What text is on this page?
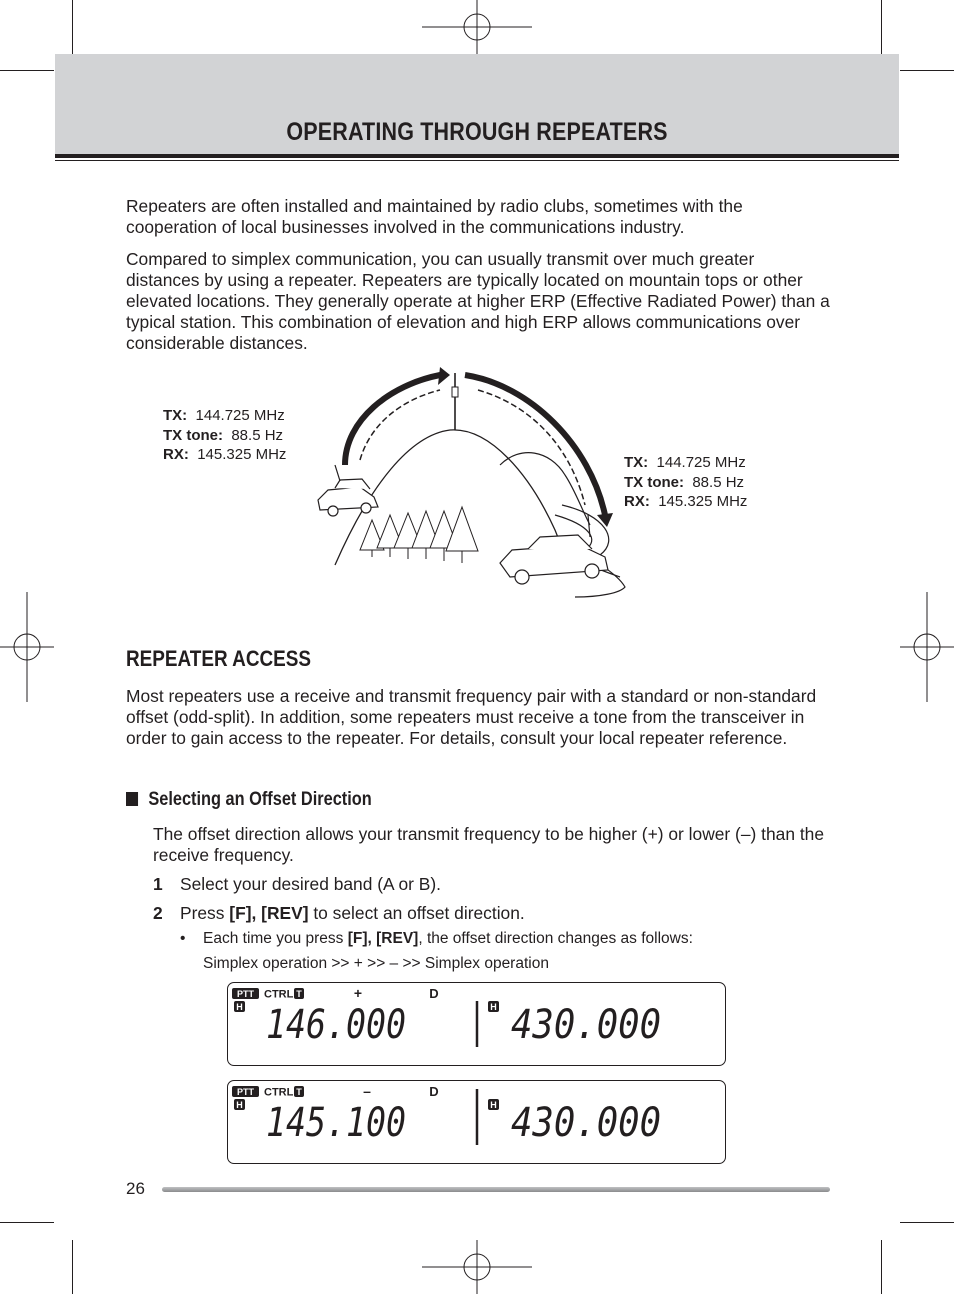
OPERATING THROUGH REPEATERS

Repeaters are often installed and maintained by radio clubs, sometimes with the cooperation of local businesses involved in the communications industry.

Compared to simplex communication, you can usually transmit over much greater distances by using a repeater. Repeaters are typically located on mountain tops or other elevated locations. They generally operate at higher ERP (Effective Radiated Power) than a typical station. This combination of elevation and high ERP allows communications over considerable distances.

TX: 144.725 MHz
TX tone: 88.5 Hz
RX: 145.325 MHz	TX: 144.725 MHz
TX tone: 88.5 Hz
RX: 145.325 MHz
REPEATER ACCESS

Most repeaters use a receive and transmit frequency pair with a standard or non-standard offset (odd-split). In addition, some repeaters must receive a tone from the transceiver in order to gain access to the repeater. For details, consult your local repeater reference.

Selecting an Offset Direction

The offset direction allows your transmit frequency to be higher (+) or lower (–) than the receive frequency.

1 Select your desired band (A or B).
2 Press [F], [REV] to select an offset direction.
• Each time you press [F], [REV], the offset direction changes as follows:
Simplex operation >> + >> – >> Simplex operation
PTT CTRL T
H
+	D
146.000	H 430.000
PTT CTRL T
H
–	D
145.100	H 430.000
26
